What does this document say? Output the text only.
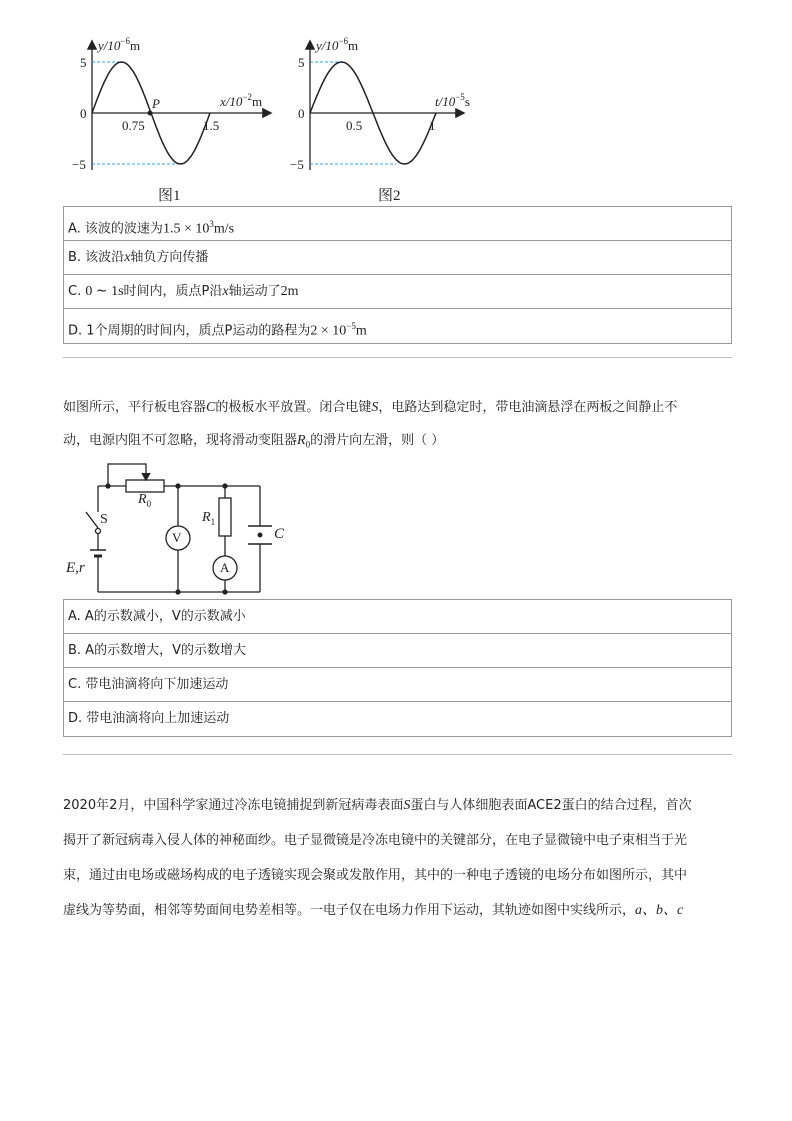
$y/10^{-6}m$
$x/10^{-2}m$
5
0
−5
0.75	1.5
P
图1
$y/10^{-6}m$
$t/10^{-5}s$
5
0
−5
0.5	1
图2
A. 该波的波速为$1.5 \times 10^3m/s$
B. 该波沿x轴负方向传播
C. 0 ∼ 1s时间内，质点P沿x轴运动了2m
D. 1个周期的时间内，质点P运动的路程为$2 \times 10^{-5}m$
如图所示，平行板电容器C的极板水平放置。闭合电键S，电路达到稳定时，带电油滴悬浮在两板之间静止不
动，电源内阻不可忽略，现将滑动变阻器$R_0$的滑片向左滑，则（ ）
S
$R_0$
$R_1$
V
A
C
E,r
A. A的示数减小，V的示数减小
B. A的示数增大，V的示数增大
C. 带电油滴将向下加速运动
D. 带电油滴将向上加速运动
2020年2月，中国科学家通过冷冻电镜捕捉到新冠病毒表面S蛋白与人体细胞表面ACE2蛋白的结合过程，首次
揭开了新冠病毒入侵人体的神秘面纱。电子显微镜是冷冻电镜中的关键部分，在电子显微镜中电子束相当于光
束，通过由电场或磁场构成的电子透镜实现会聚或发散作用，其中的一种电子透镜的电场分布如图所示，其中
虚线为等势面，相邻等势面间电势差相等。一电子仅在电场力作用下运动，其轨迹如图中实线所示，a、b、c
